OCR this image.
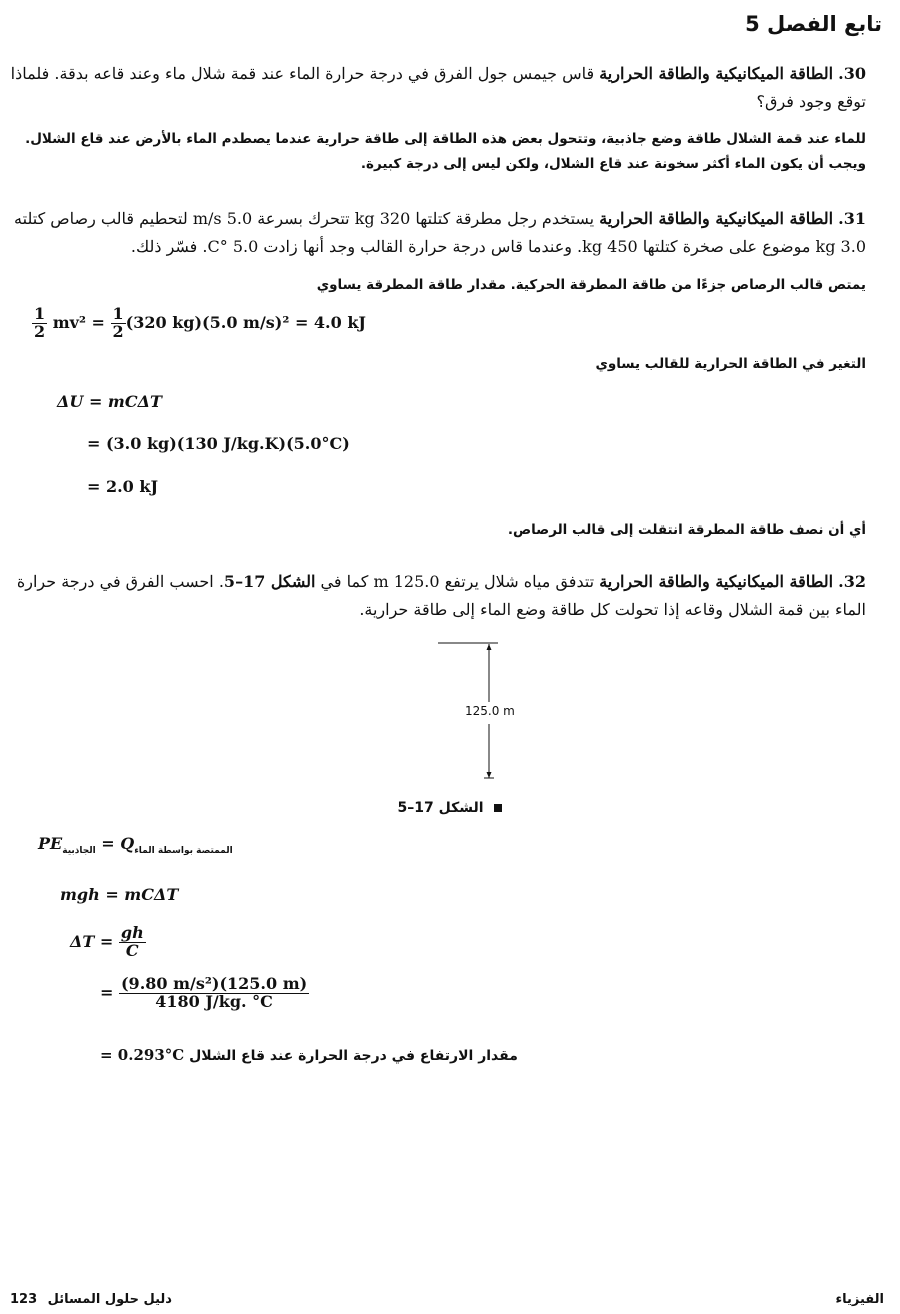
تابع الفصل 5
30. الطاقة الميكانيكية والطاقة الحرارية قاس جيمس جول الفرق في درجة حرارة الماء عند قمة شلال ماء وعند قاعه بدقة. فلماذا توقع وجود فرق؟
للماء عند قمة الشلال طاقة وضع جاذبية، وتتحول بعض هذه الطاقة إلى طاقة حرارية عندما يصطدم الماء بالأرض عند قاع الشلال. ويجب أن يكون الماء أكثر سخونة عند قاع الشلال، ولكن ليس إلى درجة كبيرة.
31. الطاقة الميكانيكية والطاقة الحرارية يستخدم رجل مطرقة كتلتها 320 kg تتحرك بسرعة 5.0 m/s لتحطيم قالب رصاص كتلته 3.0 kg موضوع على صخرة كتلتها 450 kg. وعندما قاس درجة حرارة القالب وجد أنها زادت 5.0 °C. فسّر ذلك.
يمتص قالب الرصاص جزءًا من طاقة المطرقة الحركية. مقدار طاقة المطرقة يساوي
$\frac{1}{2} mv^2 = \frac{1}{2} (320$ kg)(5.0 m/s)² = 4.0 kJ
التغير في الطاقة الحرارية للقالب يساوي
ΔU = mCΔT
= (3.0 kg)(130 J/kg.K)(5.0°C)
= 2.0 kJ
أي أن نصف طاقة المطرقة انتقلت إلى قالب الرصاص.
32. الطاقة الميكانيكية والطاقة الحرارية تتدفق مياه شلال يرتفع 125.0 m كما في الشكل 17–5. احسب الفرق في درجة حرارة الماء بين قمة الشلال وقاعه إذا تحولت كل طاقة وضع الماء إلى طاقة حرارية.
125.0 m
الشكل 17–5
$PE_{الجاذبية} = Q_{الممتصة بواسطة الماء}$
mgh = mCΔT
$\Delta T = \frac{gh}{C}$
= $\frac{\text{(9.80 m/s²)(125.0 m)}}{4180 J/kg. ^\circ C}$
= 0.293°C مقدار الارتفاع في درجة الحرارة عند قاع الشلال
الفيزياء
دليل حلول المسائل 123
